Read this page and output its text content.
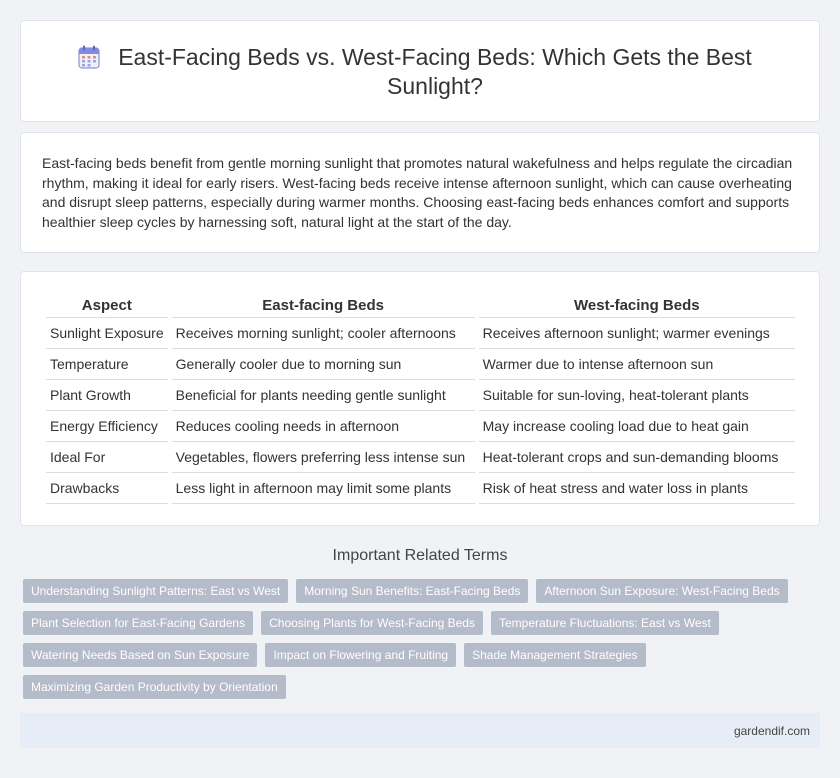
East-Facing Beds vs. West-Facing Beds: Which Gets the Best Sunlight?

East-facing beds benefit from gentle morning sunlight that promotes natural wakefulness and helps regulate the circadian rhythm, making it ideal for early risers. West-facing beds receive intense afternoon sunlight, which can cause overheating and disrupt sleep patterns, especially during warmer months. Choosing east-facing beds enhances comfort and supports healthier sleep cycles by harnessing soft, natural light at the start of the day.

Aspect	East-facing Beds	West-facing Beds
Sunlight Exposure	Receives morning sunlight; cooler afternoons	Receives afternoon sunlight; warmer evenings
Temperature	Generally cooler due to morning sun	Warmer due to intense afternoon sun
Plant Growth	Beneficial for plants needing gentle sunlight	Suitable for sun-loving, heat-tolerant plants
Energy Efficiency	Reduces cooling needs in afternoon	May increase cooling load due to heat gain
Ideal For	Vegetables, flowers preferring less intense sun	Heat-tolerant crops and sun-demanding blooms
Drawbacks	Less light in afternoon may limit some plants	Risk of heat stress and water loss in plants
Important Related Terms
Understanding Sunlight Patterns: East vs West	Morning Sun Benefits: East-Facing Beds	Afternoon Sun Exposure: West-Facing Beds
Plant Selection for East-Facing Gardens	Choosing Plants for West-Facing Beds	Temperature Fluctuations: East vs West
Watering Needs Based on Sun Exposure	Impact on Flowering and Fruiting	Shade Management Strategies
Maximizing Garden Productivity by Orientation
gardendif.com
